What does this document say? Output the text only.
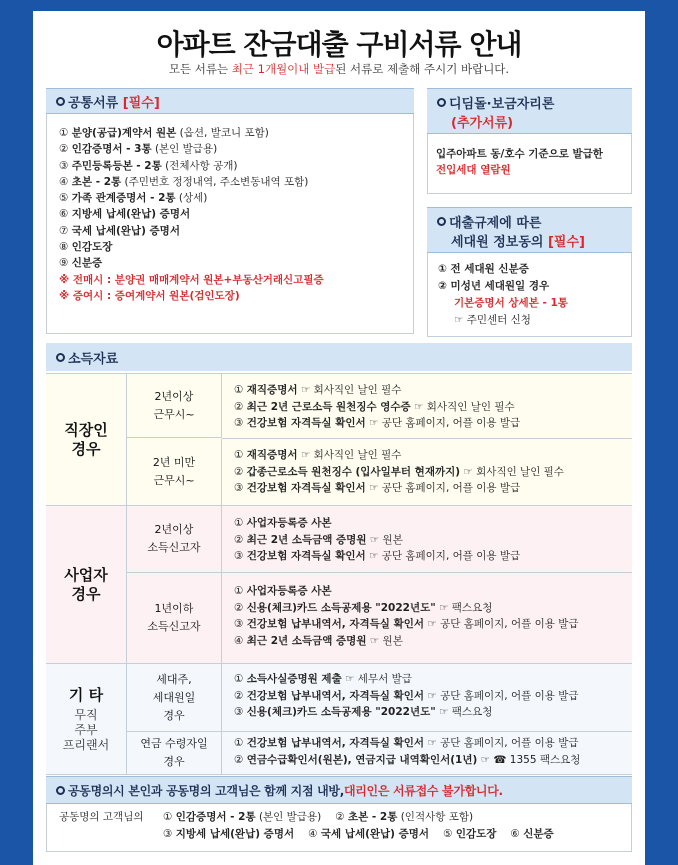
아파트 잔금대출 구비서류 안내
모든 서류는 최근 1개월이내 발급된 서류로 제출해 주시기 바랍니다.
공통서류
[필수]
① 분양(공급)계약서 원본 (옵션, 발코니 포함)
② 인감증명서 - 3통 (본인 발급용)
③ 주민등록등본 - 2통 (전체사항 공개)
④ 초본 - 2통 (주민번호 정정내역, 주소변동내역 포함)
⑤ 가족 관계증명서 - 2통 (상세)
⑥ 지방세 납세(완납) 증명서
⑦ 국세 납세(완납) 증명서
⑧ 인감도장
⑨ 신분증
※ 전매시 : 분양권 매매계약서 원본+부동산거래신고필증
※ 증여시 : 증여계약서 원본(검인도장)
디딤돌·보금자리론
(추가서류)
입주아파트 동/호수 기준으로 발급한
전입세대 열람원
대출규제에 따른
세대원 정보동의 [필수]
① 전 세대원 신분증
② 미성년 세대원일 경우
기본증명서 상세본 - 1통
☞ 주민센터 신청
소득자료
직장인
경우
2년이상
근무시~
2년 미만
근무시~
① 재직증명서 ☞ 회사직인 날인 필수
② 최근 2년 근로소득 원천징수 영수증 ☞ 회사직인 날인 필수
③ 건강보험 자격득실 확인서 ☞ 공단 홈페이지, 어플 이용 발급
① 재직증명서 ☞ 회사직인 날인 필수
② 갑종근로소득 원천징수 (입사일부터 현재까지) ☞ 회사직인 날인 필수
③ 건강보험 자격득실 확인서 ☞ 공단 홈페이지, 어플 이용 발급
사업자
경우
2년이상
소득신고자
1년이하
소득신고자
① 사업자등록증 사본
② 최근 2년 소득금액 증명원 ☞ 원본
③ 건강보험 자격득실 확인서 ☞ 공단 홈페이지, 어플 이용 발급
① 사업자등록증 사본
② 신용(체크)카드 소득공제용 "2022년도" ☞ 팩스요청
③ 건강보험 납부내역서, 자격득실 확인서 ☞ 공단 홈페이지, 어플 이용 발급
④ 최근 2년 소득금액 증명원 ☞ 원본
기 타
무직
주부
프리랜서
세대주,
세대원일
경우
연금 수령자일
경우
① 소득사실증명원 제출 ☞ 세무서 발급
② 건강보험 납부내역서, 자격득실 확인서 ☞ 공단 홈페이지, 어플 이용 발급
③ 신용(체크)카드 소득공제용 "2022년도" ☞ 팩스요청
① 건강보험 납부내역서, 자격득실 확인서 ☞ 공단 홈페이지, 어플 이용 발급
② 연금수급확인서(원본), 연금지급 내역확인서(1년) ☞ ☎ 1355 팩스요청
공동명의시 본인과 공동명의 고객님은 함께 지점 내방, 대리인은 서류접수 불가합니다.
공동명의 고객님의	① 인감증명서 - 2통 (본인 발급용) ② 초본 - 2통 (인적사항 포함)
③ 지방세 납세(완납) 증명서 ④ 국세 납세(완납) 증명서 ⑤ 인감도장 ⑥ 신분증
